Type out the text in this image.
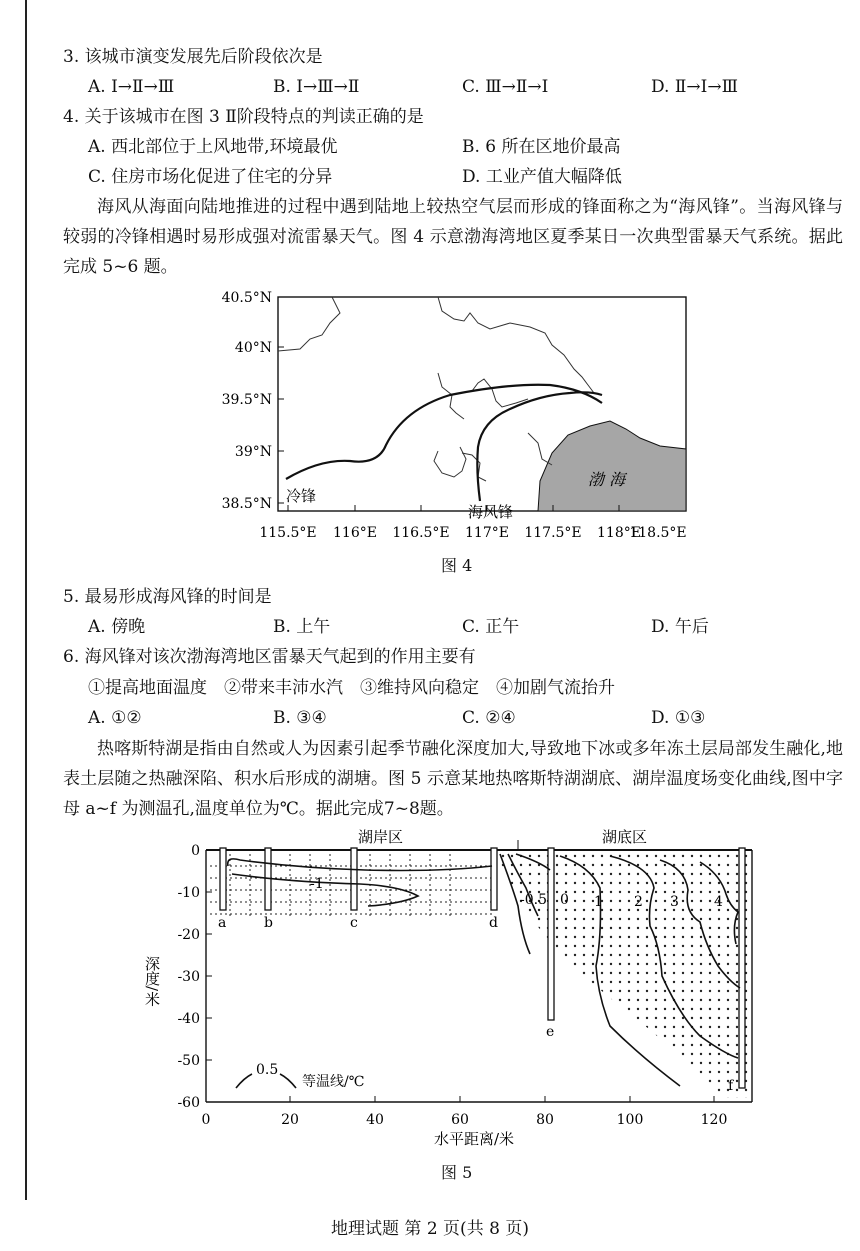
3. 该城市演变发展先后阶段依次是
A. Ⅰ→Ⅱ→Ⅲ	B. Ⅰ→Ⅲ→Ⅱ	C. Ⅲ→Ⅱ→Ⅰ	D. Ⅱ→Ⅰ→Ⅲ
4. 关于该城市在图 3 Ⅱ阶段特点的判读正确的是
A. 西北部位于上风地带,环境最优	B. 6 所在区地价最高
C. 住房市场化促进了住宅的分异	D. 工业产值大幅降低

海风从海面向陆地推进的过程中遇到陆地上较热空气层而形成的锋面称之为“海风锋”。当海风锋与较弱的冷锋相遇时易形成强对流雷暴天气。图 4 示意渤海湾地区夏季某日一次典型雷暴天气系统。据此完成 5~6 题。

冷锋
海风锋
渤 海
40.5°N
40°N
39.5°N
39°N
38.5°N
115.5°E 116°E 116.5°E 117°E 117.5°E 118°E
118.5°E
图 4
5. 最易形成海风锋的时间是
A. 傍晚	B. 上午	C. 正午	D. 午后
6. 海风锋对该次渤海湾地区雷暴天气起到的作用主要有
①提高地面温度　②带来丰沛水汽　③维持风向稳定　④加剧气流抬升
A. ①②	B. ③④	C. ②④	D. ①③

热喀斯特湖是指由自然或人为因素引起季节融化深度加大,导致地下冰或多年冻土层局部发生融化,地表土层随之热融深陷、积水后形成的湖塘。图 5 示意某地热喀斯特湖湖底、湖岸温度场变化曲线,图中字母 a~f 为测温孔,温度单位为℃。据此完成7~8题。

湖岸区	湖底区
0
-10
-20
-30
-40
-50
-60
0	20	40	60	80	100	120
水平距离/米
深度/米
a	b	c	d
e
f
-1
-0.5 0 1 2 3	4
0.5
等温线/℃
图 5
地理试题 第 2 页(共 8 页)
